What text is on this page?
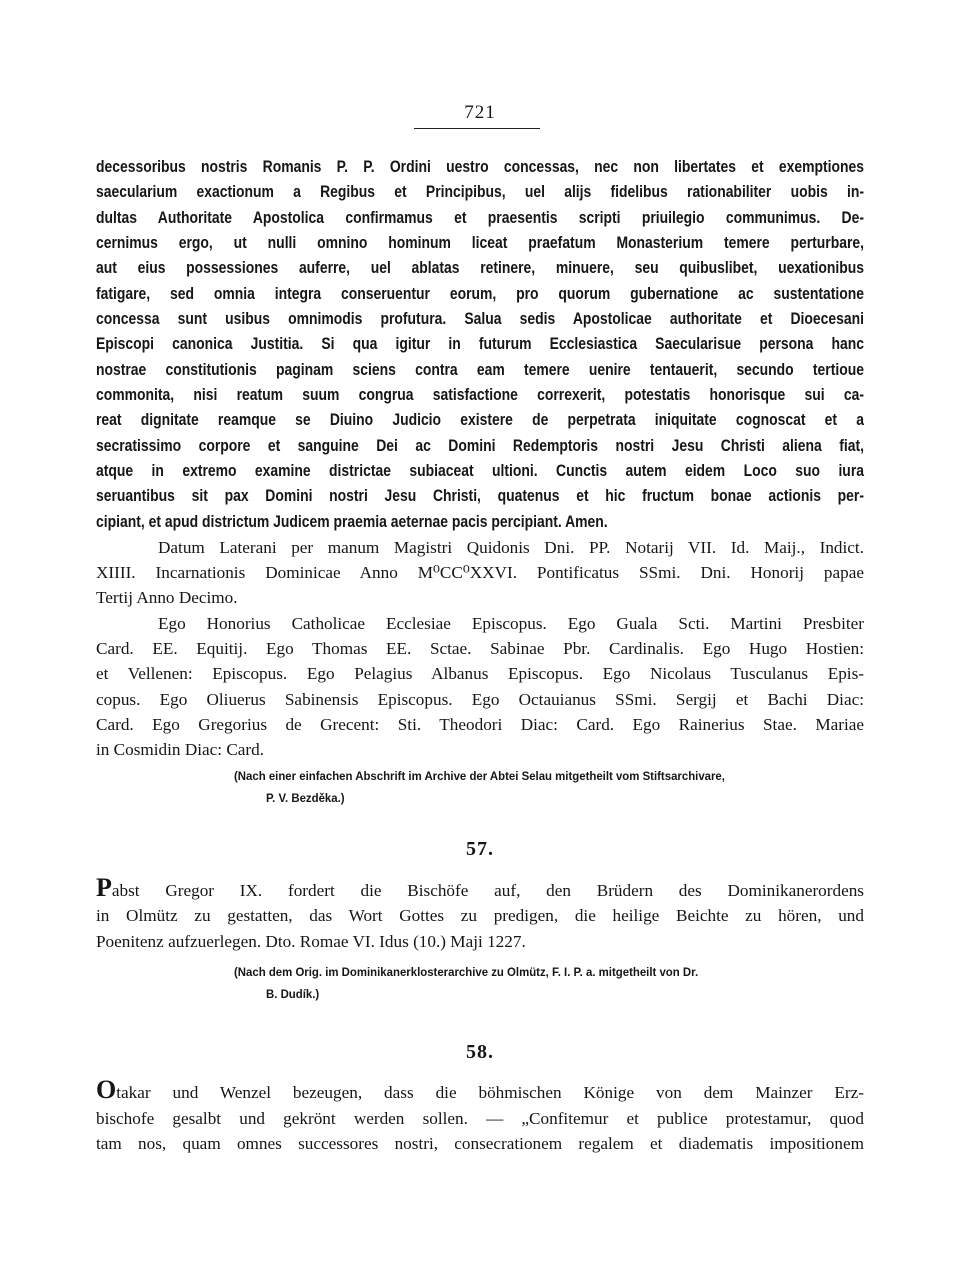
721
decessoribus nostris Romanis P. P. Ordini uestro concessas, nec non libertates et exemptiones
saecularium exactionum a Regibus et Principibus, uel alijs fidelibus rationabiliter uobis in-
dultas Authoritate Apostolica confirmamus et praesentis scripti priuilegio communimus. De-
cernimus ergo, ut nulli omnino hominum liceat praefatum Monasterium temere perturbare,
aut eius possessiones auferre, uel ablatas retinere, minuere, seu quibuslibet, uexationibus
fatigare, sed omnia integra conseruentur eorum, pro quorum gubernatione ac sustentatione
concessa sunt usibus omnimodis profutura. Salua sedis Apostolicae authoritate et Dioecesani
Episcopi canonica Justitia. Si qua igitur in futurum Ecclesiastica Saecularisue persona hanc
nostrae constitutionis paginam sciens contra eam temere uenire tentauerit, secundo tertioue
commonita, nisi reatum suum congrua satisfactione correxerit, potestatis honorisque sui ca-
reat dignitate reamque se Diuino Judicio existere de perpetrata iniquitate cognoscat et a
secratissimo corpore et sanguine Dei ac Domini Redemptoris nostri Jesu Christi aliena fiat,
atque in extremo examine districtae subiaceat ultioni. Cunctis autem eidem Loco suo iura
seruantibus sit pax Domini nostri Jesu Christi, quatenus et hic fructum bonae actionis per-
cipiant, et apud districtum Judicem praemia aeternae pacis percipiant. Amen.
Datum Laterani per manum Magistri Quidonis Dni. PP. Notarij VII. Id. Maij., Indict.
XIIII. Incarnationis Dominicae Anno M⁰CC⁰XXVI. Pontificatus SSmi. Dni. Honorij papae
Tertij Anno Decimo.
Ego Honorius Catholicae Ecclesiae Episcopus. Ego Guala Scti. Martini Presbiter
Card. EE. Equitij. Ego Thomas EE. Sctae. Sabinae Pbr. Cardinalis. Ego Hugo Hostien:
et Vellenen: Episcopus. Ego Pelagius Albanus Episcopus. Ego Nicolaus Tusculanus Epis-
copus. Ego Oliuerus Sabinensis Episcopus. Ego Octauianus SSmi. Sergij et Bachi Diac:
Card. Ego Gregorius de Grecent: Sti. Theodori Diac: Card. Ego Rainerius Stae. Mariae
in Cosmidin Diac: Card.
(Nach einer einfachen Abschrift im Archive der Abtei Selau mitgetheilt vom Stiftsarchivare,
P. V. Bezděka.)
57.
Pabst Gregor IX. fordert die Bischöfe auf, den Brüdern des Dominikanerordens
in Olmütz zu gestatten, das Wort Gottes zu predigen, die heilige Beichte zu hören, und
Poenitenz aufzuerlegen. Dto. Romae VI. Idus (10.) Maji 1227.
(Nach dem Orig. im Dominikanerklosterarchive zu Olmütz, F. I. P. a. mitgetheilt von Dr.
B. Dudík.)
58.
Otakar und Wenzel bezeugen, dass die böhmischen Könige von dem Mainzer Erz-
bischofe gesalbt und gekrönt werden sollen. — „Confitemur et publice protestamur, quod
tam nos, quam omnes successores nostri, consecrationem regalem et diadematis impositionem
